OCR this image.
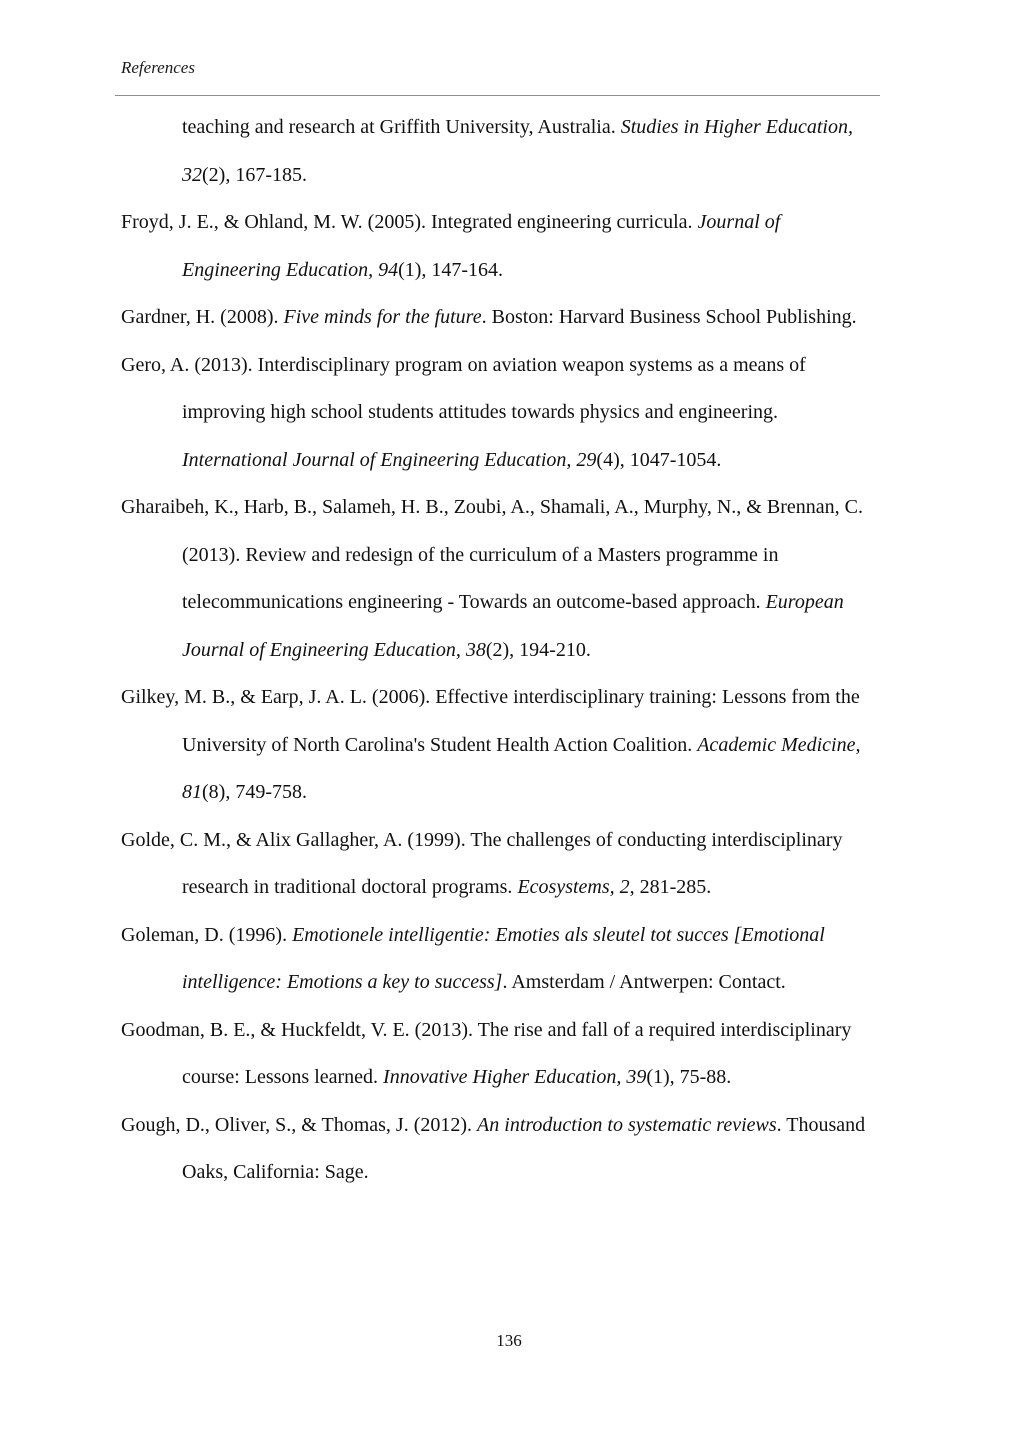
References
teaching and research at Griffith University, Australia. Studies in Higher Education,
32(2), 167-185.
Froyd, J. E., & Ohland, M. W. (2005). Integrated engineering curricula. Journal of
Engineering Education, 94(1), 147-164.
Gardner, H. (2008). Five minds for the future. Boston: Harvard Business School Publishing.
Gero, A. (2013). Interdisciplinary program on aviation weapon systems as a means of
improving high school students attitudes towards physics and engineering.
International Journal of Engineering Education, 29(4), 1047-1054.
Gharaibeh, K., Harb, B., Salameh, H. B., Zoubi, A., Shamali, A., Murphy, N., & Brennan, C.
(2013). Review and redesign of the curriculum of a Masters programme in
telecommunications engineering - Towards an outcome-based approach. European
Journal of Engineering Education, 38(2), 194-210.
Gilkey, M. B., & Earp, J. A. L. (2006). Effective interdisciplinary training: Lessons from the
University of North Carolina's Student Health Action Coalition. Academic Medicine,
81(8), 749-758.
Golde, C. M., & Alix Gallagher, A. (1999). The challenges of conducting interdisciplinary
research in traditional doctoral programs. Ecosystems, 2, 281-285.
Goleman, D. (1996). Emotionele intelligentie: Emoties als sleutel tot succes [Emotional
intelligence: Emotions a key to success]. Amsterdam / Antwerpen: Contact.
Goodman, B. E., & Huckfeldt, V. E. (2013). The rise and fall of a required interdisciplinary
course: Lessons learned. Innovative Higher Education, 39(1), 75-88.
Gough, D., Oliver, S., & Thomas, J. (2012). An introduction to systematic reviews. Thousand
Oaks, California: Sage.
136
